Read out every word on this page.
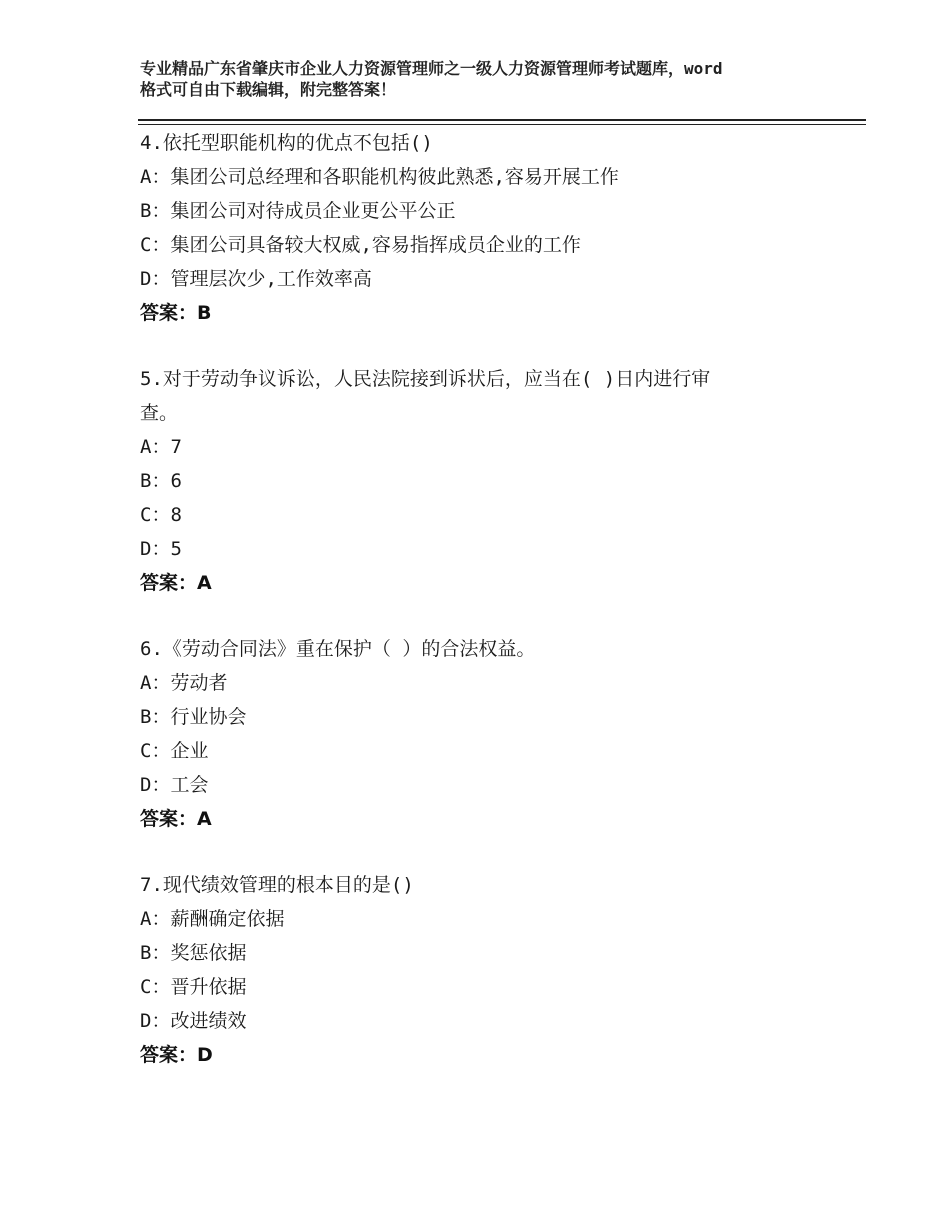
专业精品广东省肇庆市企业人力资源管理师之一级人力资源管理师考试题库，word
格式可自由下载编辑，附完整答案！
4.依托型职能机构的优点不包括()
A：集团公司总经理和各职能机构彼此熟悉,容易开展工作
B：集团公司对待成员企业更公平公正
C：集团公司具备较大权威,容易指挥成员企业的工作
D：管理层次少,工作效率高
答案：B
5.对于劳动争议诉讼，人民法院接到诉状后，应当在( )日内进行审
查。
A：7
B：6
C：8
D：5
答案：A
6.《劳动合同法》重在保护（ ）的合法权益。
A：劳动者
B：行业协会
C：企业
D：工会
答案：A
7.现代绩效管理的根本目的是()
A：薪酬确定依据
B：奖惩依据
C：晋升依据
D：改进绩效
答案：D
